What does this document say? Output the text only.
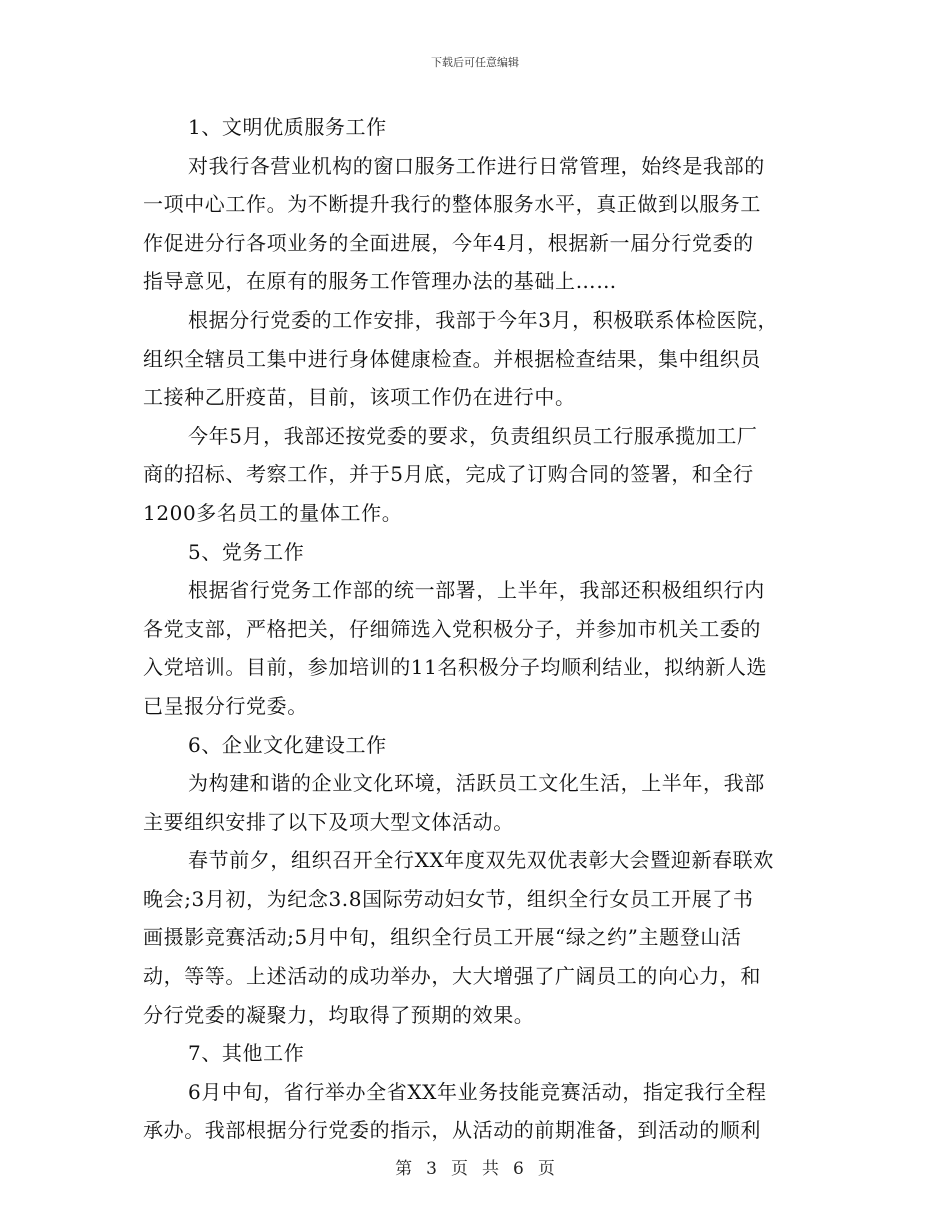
下载后可任意编辑
1、文明优质服务工作
对我行各营业机构的窗口服务工作进行日常管理，始终是我部的
一项中心工作。为不断提升我行的整体服务水平，真正做到以服务工
作促进分行各项业务的全面进展，今年4月，根据新一届分行党委的
指导意见，在原有的服务工作管理办法的基础上……
根据分行党委的工作安排，我部于今年3月，积极联系体检医院，
组织全辖员工集中进行身体健康检查。并根据检查结果，集中组织员
工接种乙肝疫苗，目前，该项工作仍在进行中。
今年5月，我部还按党委的要求，负责组织员工行服承揽加工厂
商的招标、考察工作，并于5月底，完成了订购合同的签署，和全行
1200多名员工的量体工作。
5、党务工作
根据省行党务工作部的统一部署，上半年，我部还积极组织行内
各党支部，严格把关，仔细筛选入党积极分子，并参加市机关工委的
入党培训。目前，参加培训的11名积极分子均顺利结业，拟纳新人选
已呈报分行党委。
6、企业文化建设工作
为构建和谐的企业文化环境，活跃员工文化生活，上半年，我部
主要组织安排了以下及项大型文体活动。
春节前夕，组织召开全行XX年度双先双优表彰大会暨迎新春联欢
晚会;3月初，为纪念3.8国际劳动妇女节，组织全行女员工开展了书
画摄影竞赛活动;5月中旬，组织全行员工开展“绿之约”主题登山活
动，等等。上述活动的成功举办，大大增强了广阔员工的向心力，和
分行党委的凝聚力，均取得了预期的效果。
7、其他工作
6月中旬，省行举办全省XX年业务技能竞赛活动，指定我行全程
承办。我部根据分行党委的指示，从活动的前期准备，到活动的顺利
第 3 页 共 6 页
